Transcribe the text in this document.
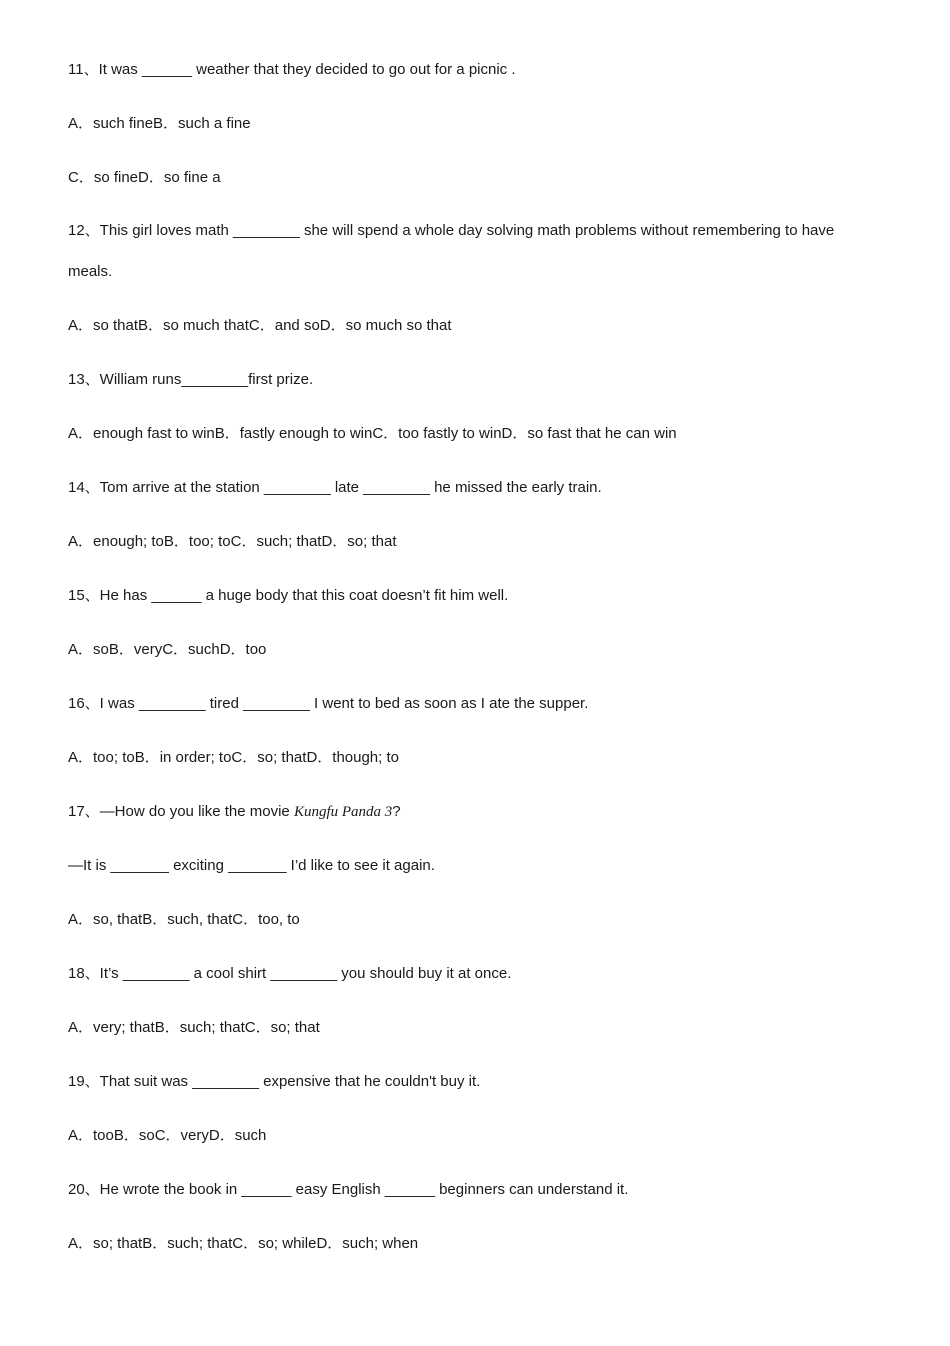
11、It was ______ weather that they decided to go out for a picnic .
A．such fineB．such a fine
C．so fineD．so fine a
12、This girl loves math ________ she will spend a whole day solving math problems without remembering to have
meals.
A．so thatB．so much thatC．and soD．so much so that
13、William runs________first prize.
A．enough fast to winB．fastly enough to winC．too fastly to winD．so fast that he can win
14、Tom arrive at the station ________ late ________ he missed the early train.
A．enough; toB．too; toC．such; thatD．so; that
15、He has ______ a huge body that this coat doesn’t fit him well.
A．soB．veryC．suchD．too
16、I was ________ tired ________ I went to bed as soon as I ate the supper.
A．too; toB．in order; toC．so; thatD．though; to
17、—How do you like the movie Kungfu Panda 3?
—It is _______ exciting _______ I’d like to see it again.
A．so, thatB．such, thatC．too, to
18、It’s ________ a cool shirt ________ you should buy it at once.
A．very; thatB．such; thatC．so; that
19、That suit was ________ expensive that he couldn't buy it.
A．tooB．soC．veryD．such
20、He wrote the book in ______ easy English ______ beginners can understand it.
A．so; thatB．such; thatC．so; whileD．such; when
